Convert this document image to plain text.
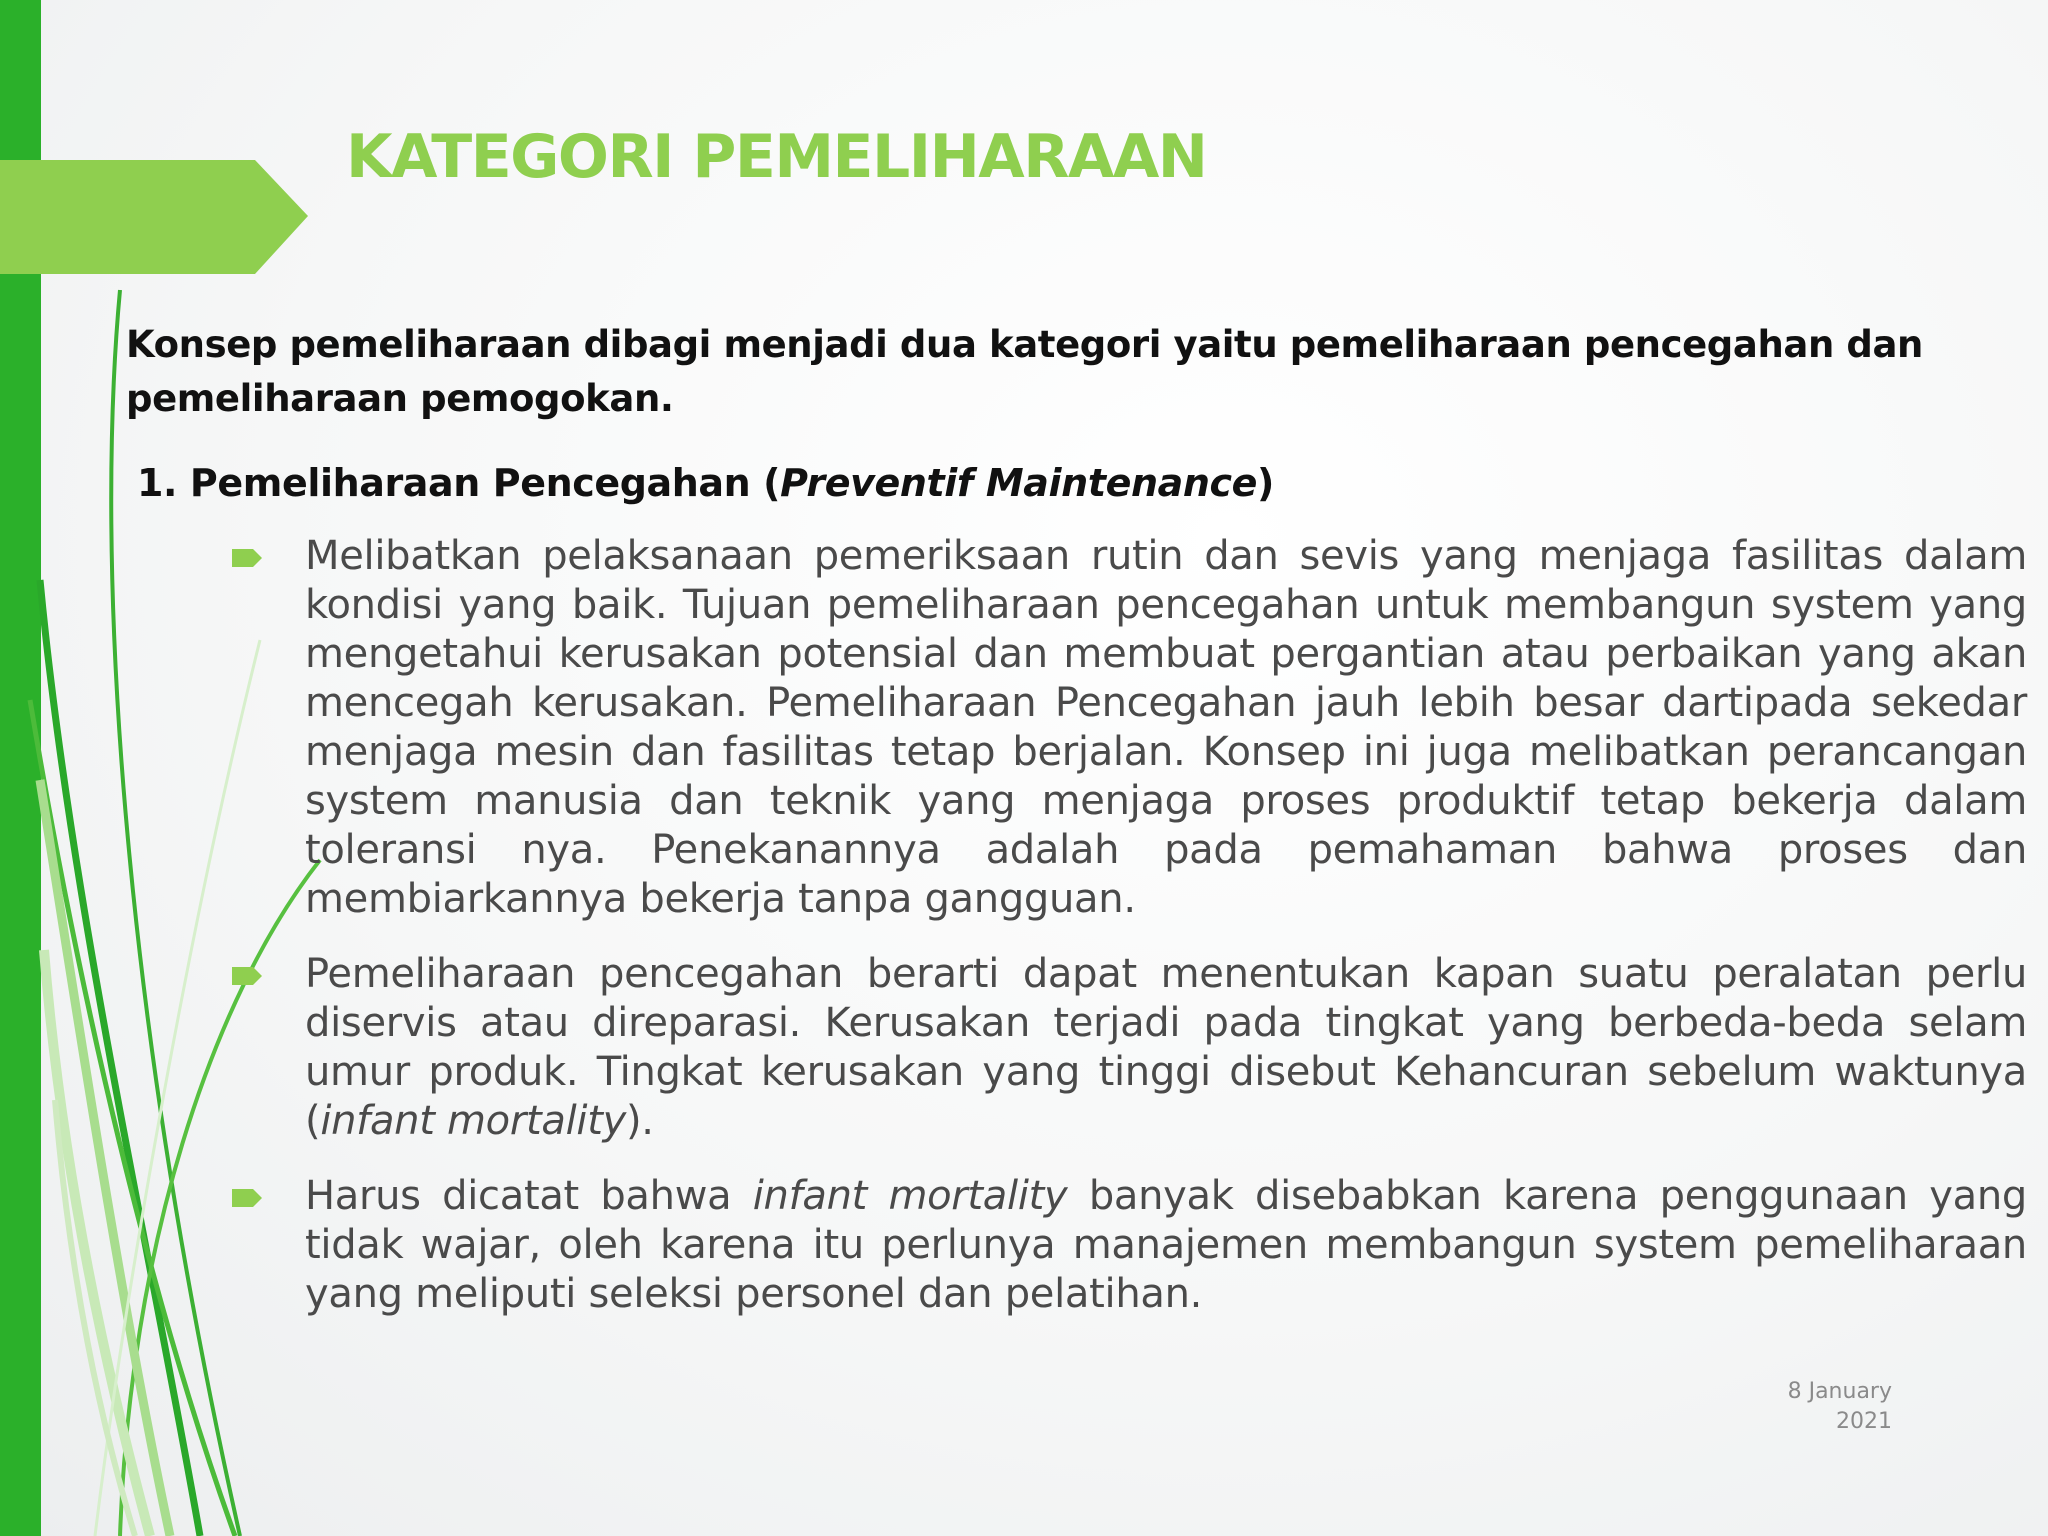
KATEGORI PEMELIHARAAN

Konsep pemeliharaan dibagi menjadi dua kategori yaitu pemeliharaan pencegahan dan pemeliharaan pemogokan.

1. Pemeliharaan Pencegahan (Preventif Maintenance)

Melibatkan pelaksanaan pemeriksaan rutin dan sevis yang menjaga fasilitas dalam kondisi yang baik. Tujuan pemeliharaan pencegahan untuk membangun system yang mengetahui kerusakan potensial dan membuat pergantian atau perbaikan yang akan mencegah kerusakan. Pemeliharaan Pencegahan jauh lebih besar dartipada sekedar menjaga mesin dan fasilitas tetap berjalan. Konsep ini juga melibatkan perancangan system manusia dan teknik yang menjaga proses produktif tetap bekerja dalam toleransi nya. Penekanannya adalah pada pemahaman bahwa proses dan membiarkannya bekerja tanpa gangguan.

Pemeliharaan pencegahan berarti dapat menentukan kapan suatu peralatan perlu diservis atau direparasi. Kerusakan terjadi pada tingkat yang berbeda-beda selam umur produk. Tingkat kerusakan yang tinggi disebut Kehancuran sebelum waktunya (infant mortality).

Harus dicatat bahwa infant mortality banyak disebabkan karena penggunaan yang tidak wajar, oleh karena itu perlunya manajemen membangun system pemeliharaan yang meliputi seleksi personel dan pelatihan.

8 January
2021
